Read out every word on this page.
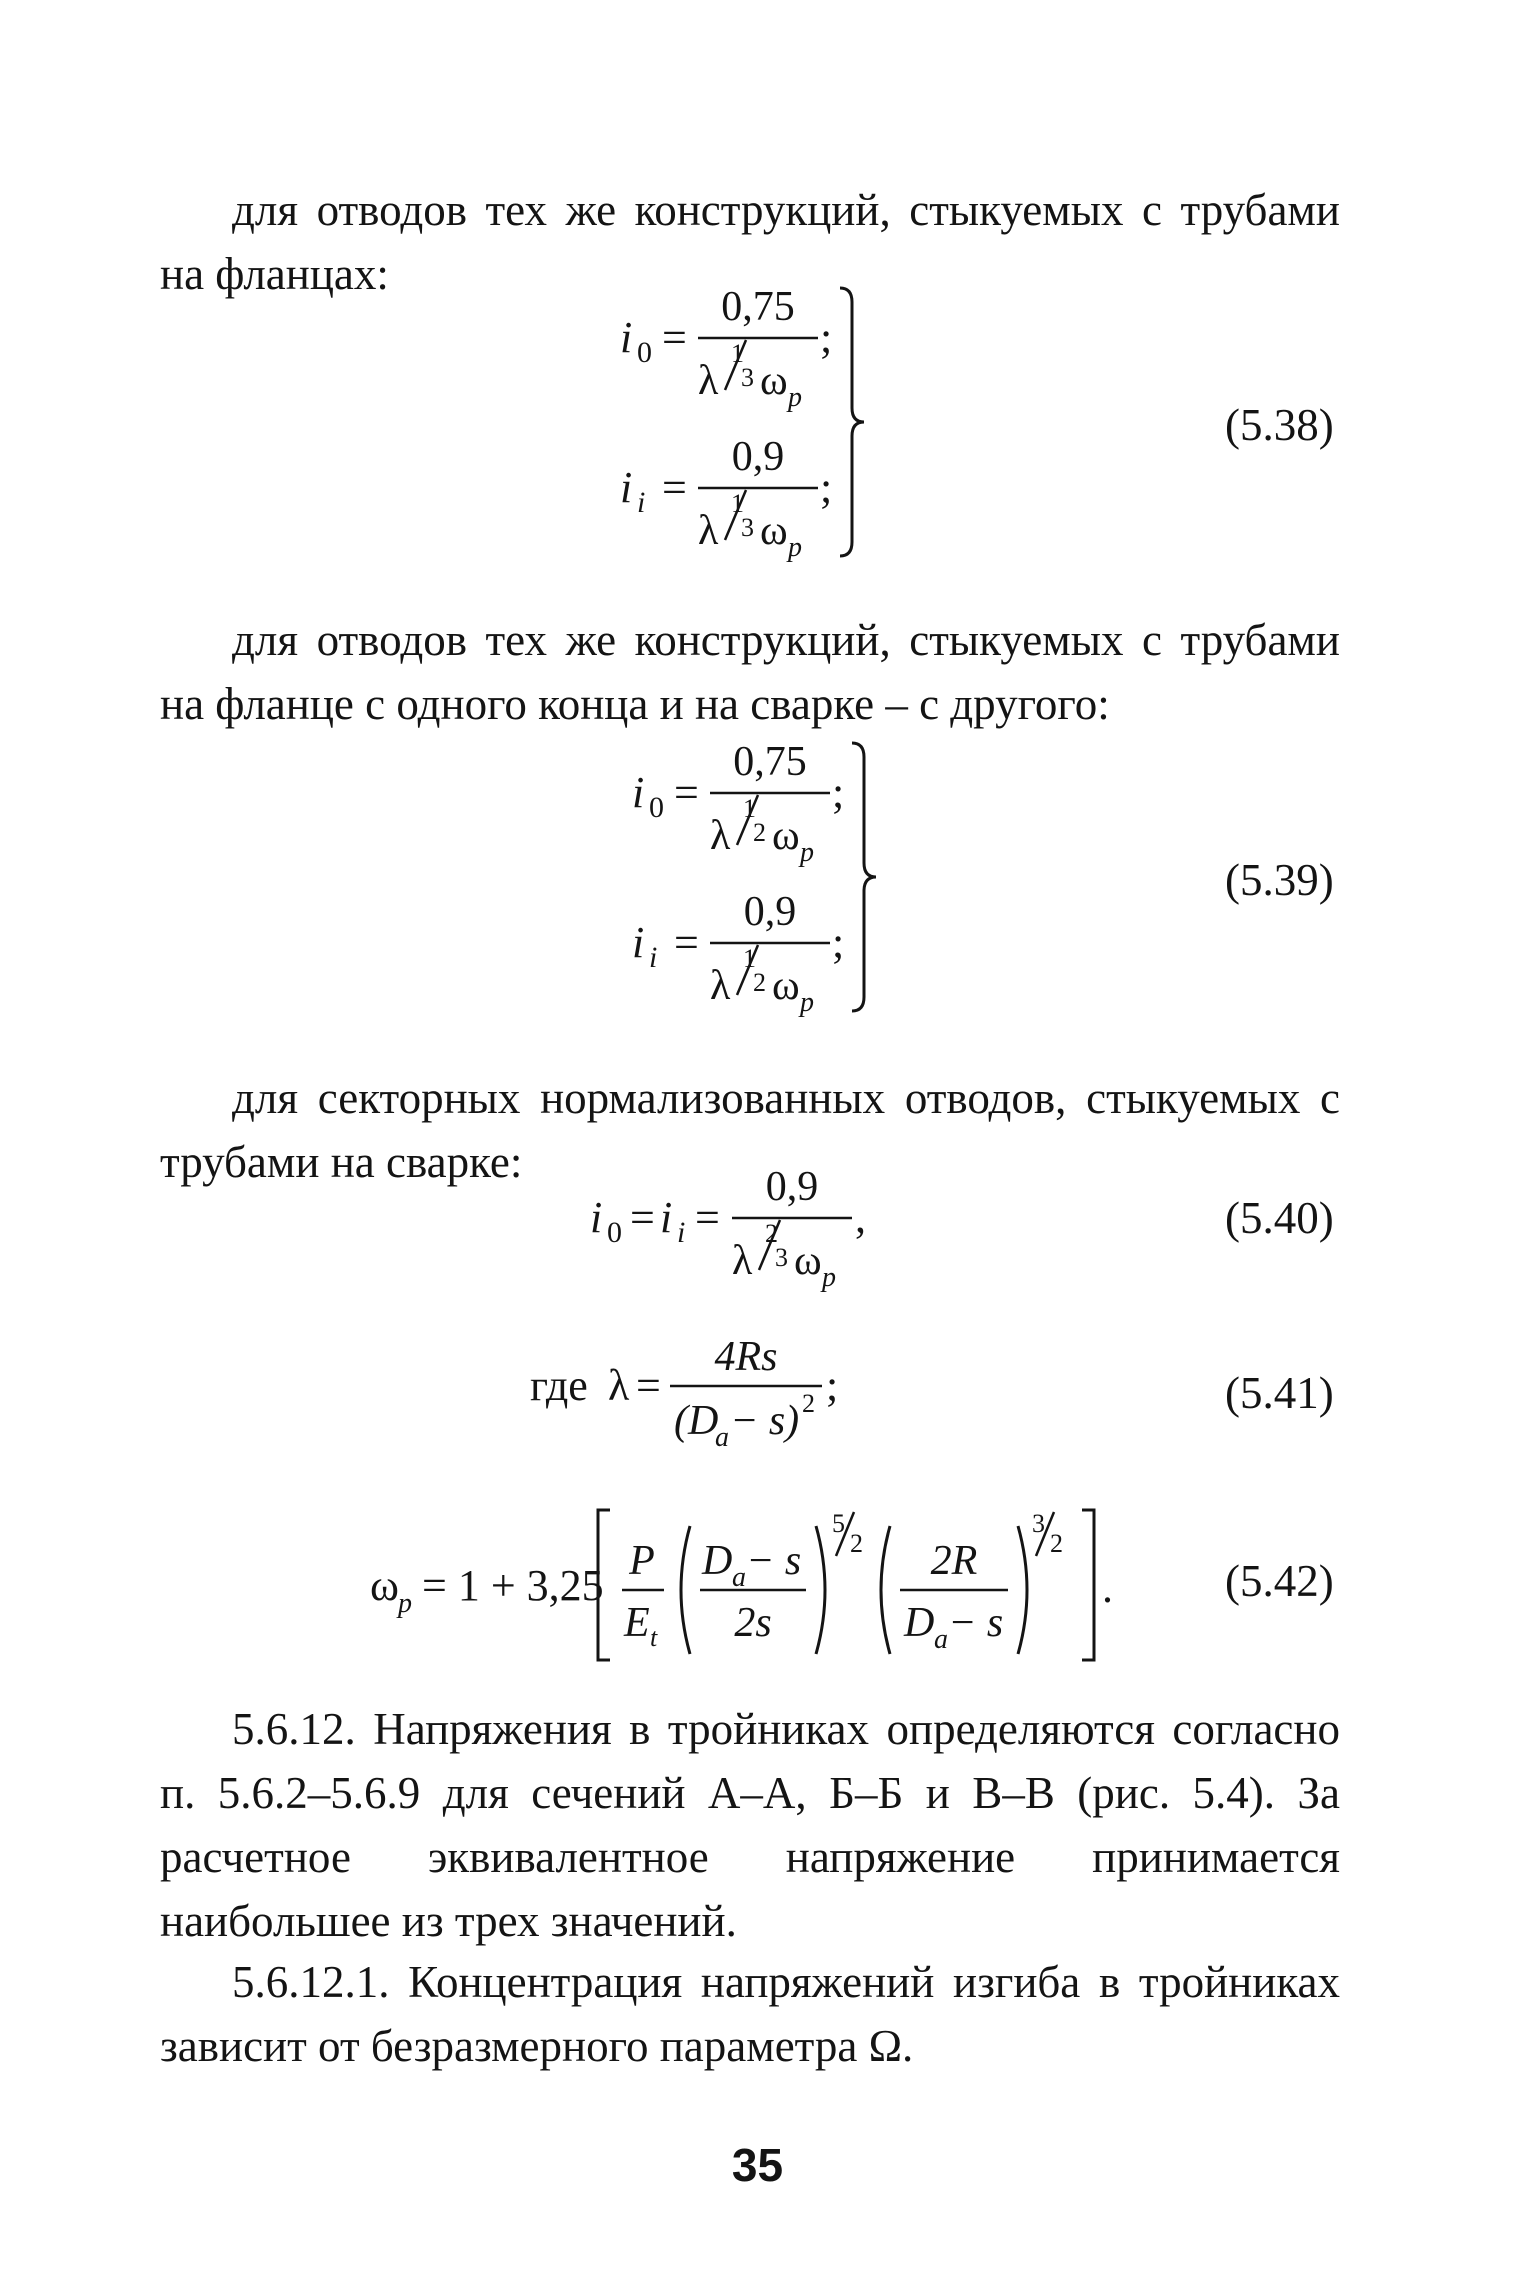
для отводов тех же конструкций, стыкуемых с трубами на фланцах:

i 0 =
0,75
λ
1
3 ω p
;
i i =
0,9
λ
1
3 ω p
;
(5.38)

для отводов тех же конструкций, стыкуемых с трубами на фланце с одного конца и на сварке – с другого:

i 0 =
0,75
λ
1
2 ω p
;
i i =
0,9
λ
1
2 ω p
;
(5.39)

для секторных нормализованных отводов, стыкуемых с трубами на сварке:

i 0 = i i =
0,9
λ
2
3 ω p
,	(5.40)
где λ =
4Rs
(D
a − s) 2 ;	(5.41)
ω p = 1 + 3,25 P
E t
D a − s
2s
5
2 2R
D a − s
3
2
. (5.42)

5.6.12. Напряжения в тройниках определяются согласно п. 5.6.2–5.6.9 для сечений А–А, Б–Б и В–В (рис. 5.4). За расчетное эквивалентное напряжение принимается наибольшее из трех значений.

5.6.12.1. Концентрация напряжений изгиба в тройниках зависит от безразмерного параметра Ω.

35
